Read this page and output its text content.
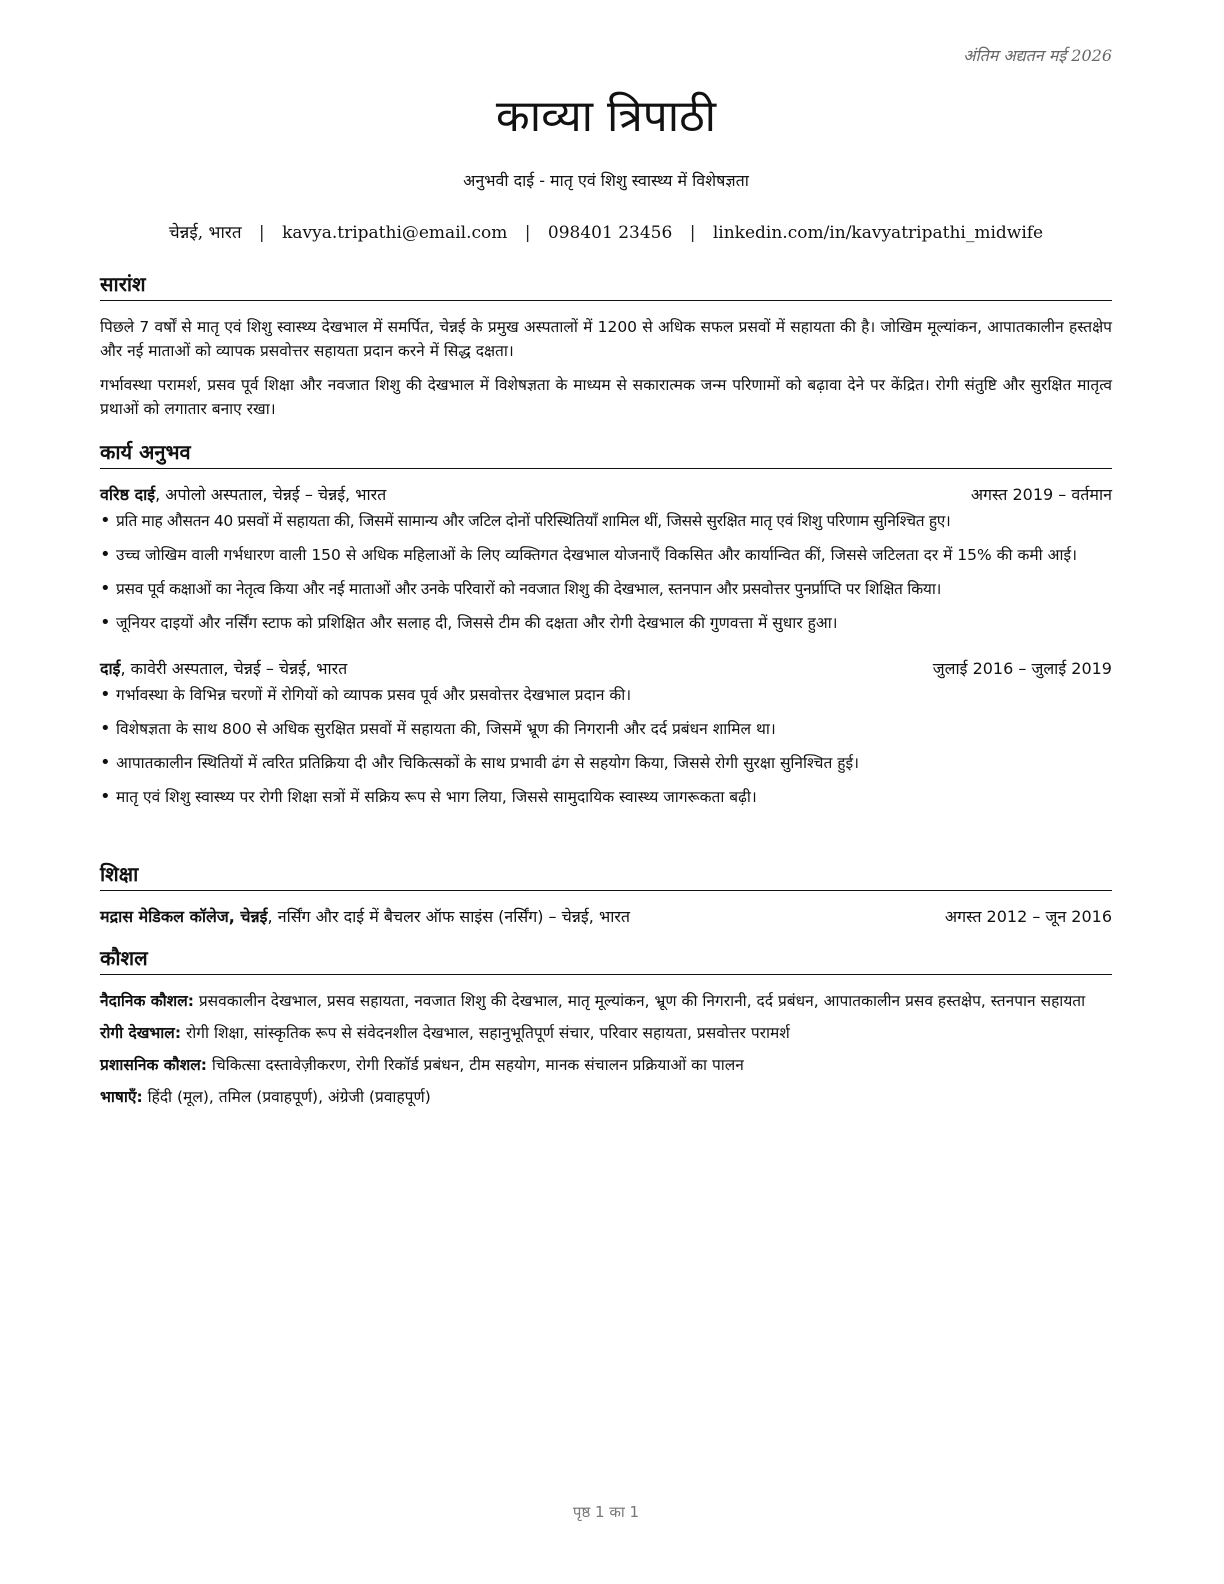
अंतिम अद्यतन मई 2026
काव्या त्रिपाठी
अनुभवी दाई - मातृ एवं शिशु स्वास्थ्य में विशेषज्ञता
चेन्नई, भारत | kavya.tripathi@email.com | 098401 23456 | linkedin.com/in/kavyatripathi_midwife
सारांश

पिछले 7 वर्षों से मातृ एवं शिशु स्वास्थ्य देखभाल में समर्पित, चेन्नई के प्रमुख अस्पतालों में 1200 से अधिक सफल प्रसवों में सहायता की है। जोखिम मूल्यांकन, आपातकालीन हस्तक्षेप और नई माताओं को व्यापक प्रसवोत्तर सहायता प्रदान करने में सिद्ध दक्षता।

गर्भावस्था परामर्श, प्रसव पूर्व शिक्षा और नवजात शिशु की देखभाल में विशेषज्ञता के माध्यम से सकारात्मक जन्म परिणामों को बढ़ावा देने पर केंद्रित। रोगी संतुष्टि और सुरक्षित मातृत्व प्रथाओं को लगातार बनाए रखा।

कार्य अनुभव
वरिष्ठ दाई, अपोलो अस्पताल, चेन्नई – चेन्नई, भारत	अगस्त 2019 – वर्तमान
• प्रति माह औसतन 40 प्रसवों में सहायता की, जिसमें सामान्य और जटिल दोनों परिस्थितियाँ शामिल थीं, जिससे सुरक्षित मातृ एवं शिशु परिणाम सुनिश्चित हुए।
• उच्च जोखिम वाली गर्भधारण वाली 150 से अधिक महिलाओं के लिए व्यक्तिगत देखभाल योजनाएँ विकसित और कार्यान्वित कीं, जिससे जटिलता दर में 15% की कमी आई।
• प्रसव पूर्व कक्षाओं का नेतृत्व किया और नई माताओं और उनके परिवारों को नवजात शिशु की देखभाल, स्तनपान और प्रसवोत्तर पुनर्प्राप्ति पर शिक्षित किया।
• जूनियर दाइयों और नर्सिंग स्टाफ को प्रशिक्षित और सलाह दी, जिससे टीम की दक्षता और रोगी देखभाल की गुणवत्ता में सुधार हुआ।
दाई, कावेरी अस्पताल, चेन्नई – चेन्नई, भारत	जुलाई 2016 – जुलाई 2019
• गर्भावस्था के विभिन्न चरणों में रोगियों को व्यापक प्रसव पूर्व और प्रसवोत्तर देखभाल प्रदान की।
• विशेषज्ञता के साथ 800 से अधिक सुरक्षित प्रसवों में सहायता की, जिसमें भ्रूण की निगरानी और दर्द प्रबंधन शामिल था।
• आपातकालीन स्थितियों में त्वरित प्रतिक्रिया दी और चिकित्सकों के साथ प्रभावी ढंग से सहयोग किया, जिससे रोगी सुरक्षा सुनिश्चित हुई।
• मातृ एवं शिशु स्वास्थ्य पर रोगी शिक्षा सत्रों में सक्रिय रूप से भाग लिया, जिससे सामुदायिक स्वास्थ्य जागरूकता बढ़ी।
शिक्षा
मद्रास मेडिकल कॉलेज, चेन्नई, नर्सिंग और दाई में बैचलर ऑफ साइंस (नर्सिंग) – चेन्नई, भारत	अगस्त 2012 – जून 2016
कौशल

नैदानिक कौशल: प्रसवकालीन देखभाल, प्रसव सहायता, नवजात शिशु की देखभाल, मातृ मूल्यांकन, भ्रूण की निगरानी, दर्द प्रबंधन, आपातकालीन प्रसव हस्तक्षेप, स्तनपान सहायता

रोगी देखभाल: रोगी शिक्षा, सांस्कृतिक रूप से संवेदनशील देखभाल, सहानुभूतिपूर्ण संचार, परिवार सहायता, प्रसवोत्तर परामर्श

प्रशासनिक कौशल: चिकित्सा दस्तावेज़ीकरण, रोगी रिकॉर्ड प्रबंधन, टीम सहयोग, मानक संचालन प्रक्रियाओं का पालन

भाषाएँ: हिंदी (मूल), तमिल (प्रवाहपूर्ण), अंग्रेजी (प्रवाहपूर्ण)

पृष्ठ 1 का 1
